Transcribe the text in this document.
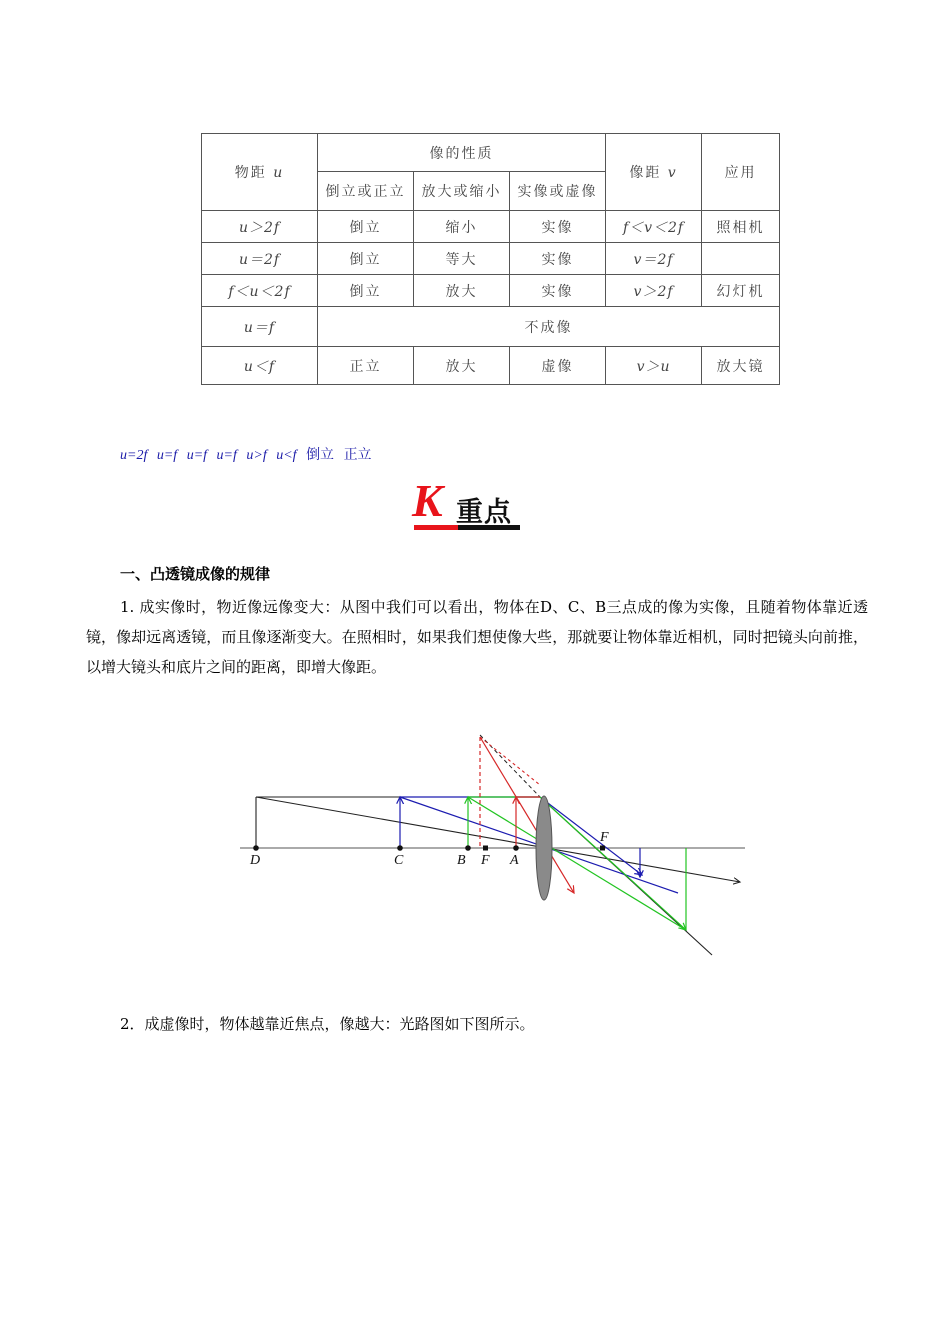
物距 u	像的性质			像距 v	应用
	倒立或正立	放大或缩小	实像或虚像		
u＞2f	倒立	缩小	实像	f＜v＜2f	照相机
u＝2f	倒立	等大	实像	v＝2f	
f＜u＜2f	倒立	放大	实像	v＞2f	幻灯机
u＝f	不成像				
u＜f	正立	放大	虚像	v＞u	放大镜
u=2f u=f u=f u=f u>f u<f 倒立 正立
K 重点
一、凸透镜成像的规律

1. 成实像时，物近像远像变大：从图中我们可以看出，物体在D、C、B三点成的像为实像，且随着物体靠近透镜，像却远离透镜，而且像逐渐变大。在照相时，如果我们想使像大些，那就要让物体靠近相机，同时把镜头向前推，以增大镜头和底片之间的距离，即增大像距。

D	C	B F A
F

2．成虚像时，物体越靠近焦点，像越大：光路图如下图所示。
